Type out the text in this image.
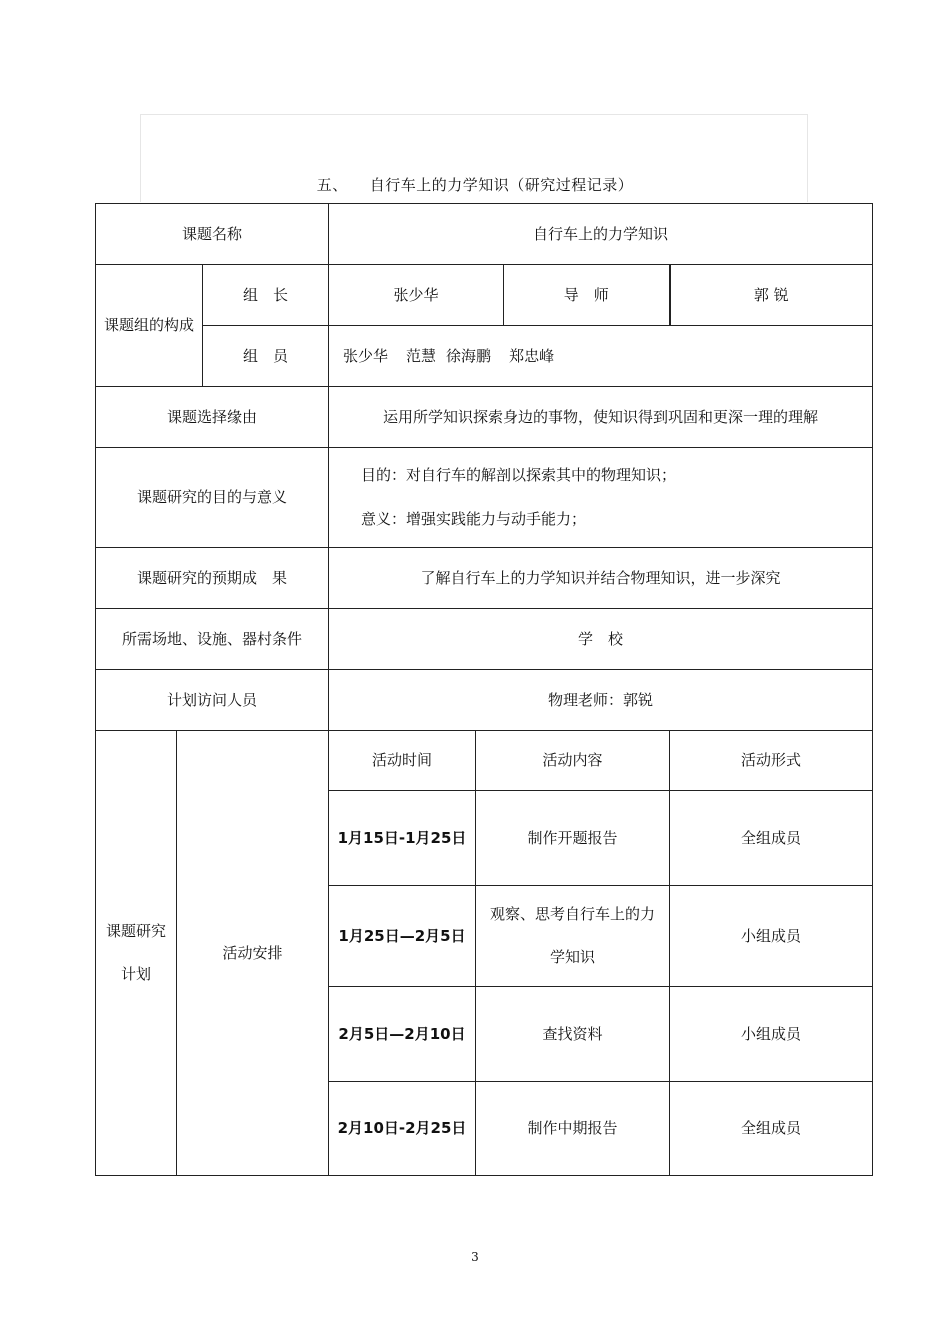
五、 自行车上的力学知识（研究过程记录）
课题名称			自行车上的力学知识			
课题组的构成		组　长	张少华		导　师	郭 锐
		组　员	张少华 范慧 徐海鹏 郑忠峰			
课题选择缘由			运用所学知识探索身边的事物，使知识得到巩固和更深一理的理解			
课题研究的目的与意义			目的：对自行车的解剖以探索其中的物理知识；
意义：增强实践能力与动手能力；			

课题研究的预期成　果			了解自行车上的力学知识并结合物理知识，进一步深究			
所需场地、设施、器村条件			学　校			
计划访问人员			物理老师：郭锐			
课题研究计划	活动安排		活动时间	活动内容		活动形式
			1月15日-1月25日	制作开题报告		全组成员
			1月25日—2月5日	观察、思考自行车上的力学知识		小组成员
			2月5日—2月10日	查找资料		小组成员
			2月10日-2月25日	制作中期报告		全组成员
3
